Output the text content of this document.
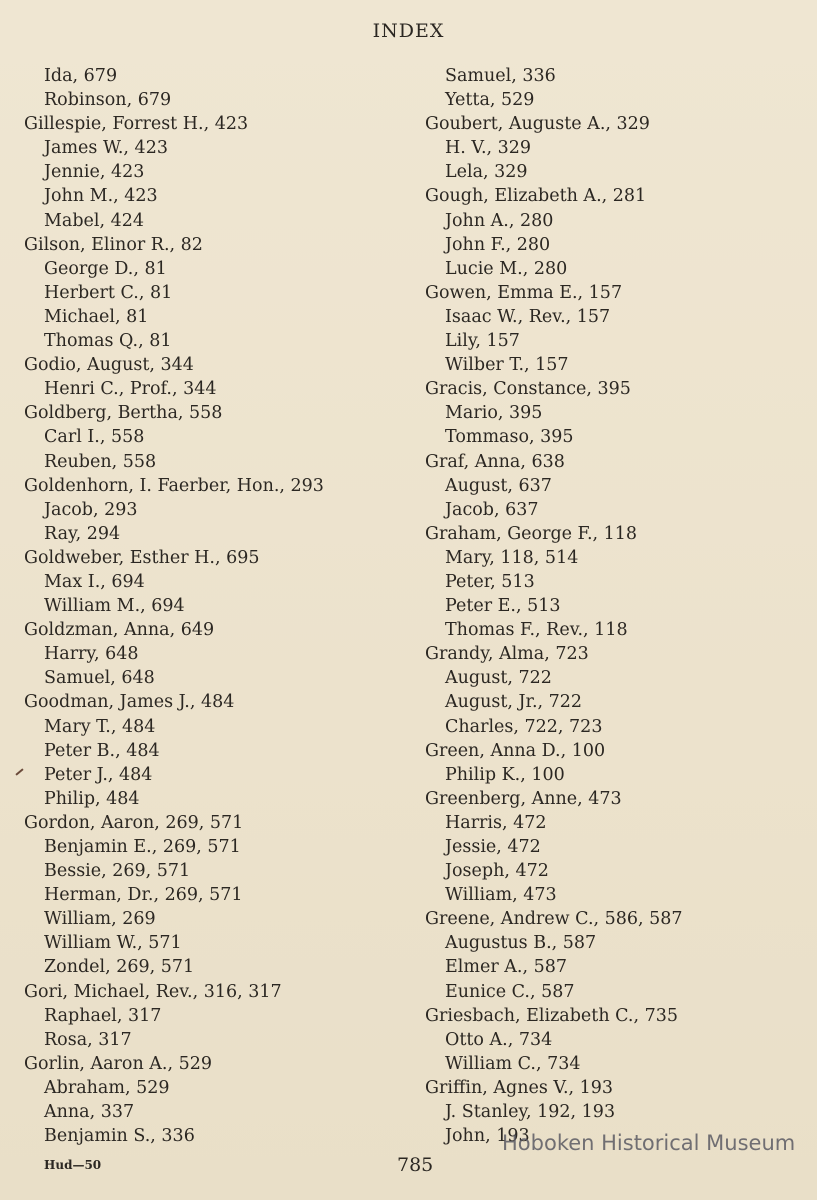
INDEX
Ida, 679
Robinson, 679
Gillespie, Forrest H., 423
James W., 423
Jennie, 423
John M., 423
Mabel, 424
Gilson, Elinor R., 82
George D., 81
Herbert C., 81
Michael, 81
Thomas Q., 81
Godio, August, 344
Henri C., Prof., 344
Goldberg, Bertha, 558
Carl I., 558
Reuben, 558
Goldenhorn, I. Faerber, Hon., 293
Jacob, 293
Ray, 294
Goldweber, Esther H., 695
Max I., 694
William M., 694
Goldzman, Anna, 649
Harry, 648
Samuel, 648
Goodman, James J., 484
Mary T., 484
Peter B., 484
Peter J., 484
Philip, 484
Gordon, Aaron, 269, 571
Benjamin E., 269, 571
Bessie, 269, 571
Herman, Dr., 269, 571
William, 269
William W., 571
Zondel, 269, 571
Gori, Michael, Rev., 316, 317
Raphael, 317
Rosa, 317
Gorlin, Aaron A., 529
Abraham, 529
Anna, 337
Benjamin S., 336
Samuel, 336
Yetta, 529
Goubert, Auguste A., 329
H. V., 329
Lela, 329
Gough, Elizabeth A., 281
John A., 280
John F., 280
Lucie M., 280
Gowen, Emma E., 157
Isaac W., Rev., 157
Lily, 157
Wilber T., 157
Gracis, Constance, 395
Mario, 395
Tommaso, 395
Graf, Anna, 638
August, 637
Jacob, 637
Graham, George F., 118
Mary, 118, 514
Peter, 513
Peter E., 513
Thomas F., Rev., 118
Grandy, Alma, 723
August, 722
August, Jr., 722
Charles, 722, 723
Green, Anna D., 100
Philip K., 100
Greenberg, Anne, 473
Harris, 472
Jessie, 472
Joseph, 472
William, 473
Greene, Andrew C., 586, 587
Augustus B., 587
Elmer A., 587
Eunice C., 587
Griesbach, Elizabeth C., 735
Otto A., 734
William C., 734
Griffin, Agnes V., 193
J. Stanley, 192, 193
John, 193
Hud—50	785
Hoboken Historical Museum
